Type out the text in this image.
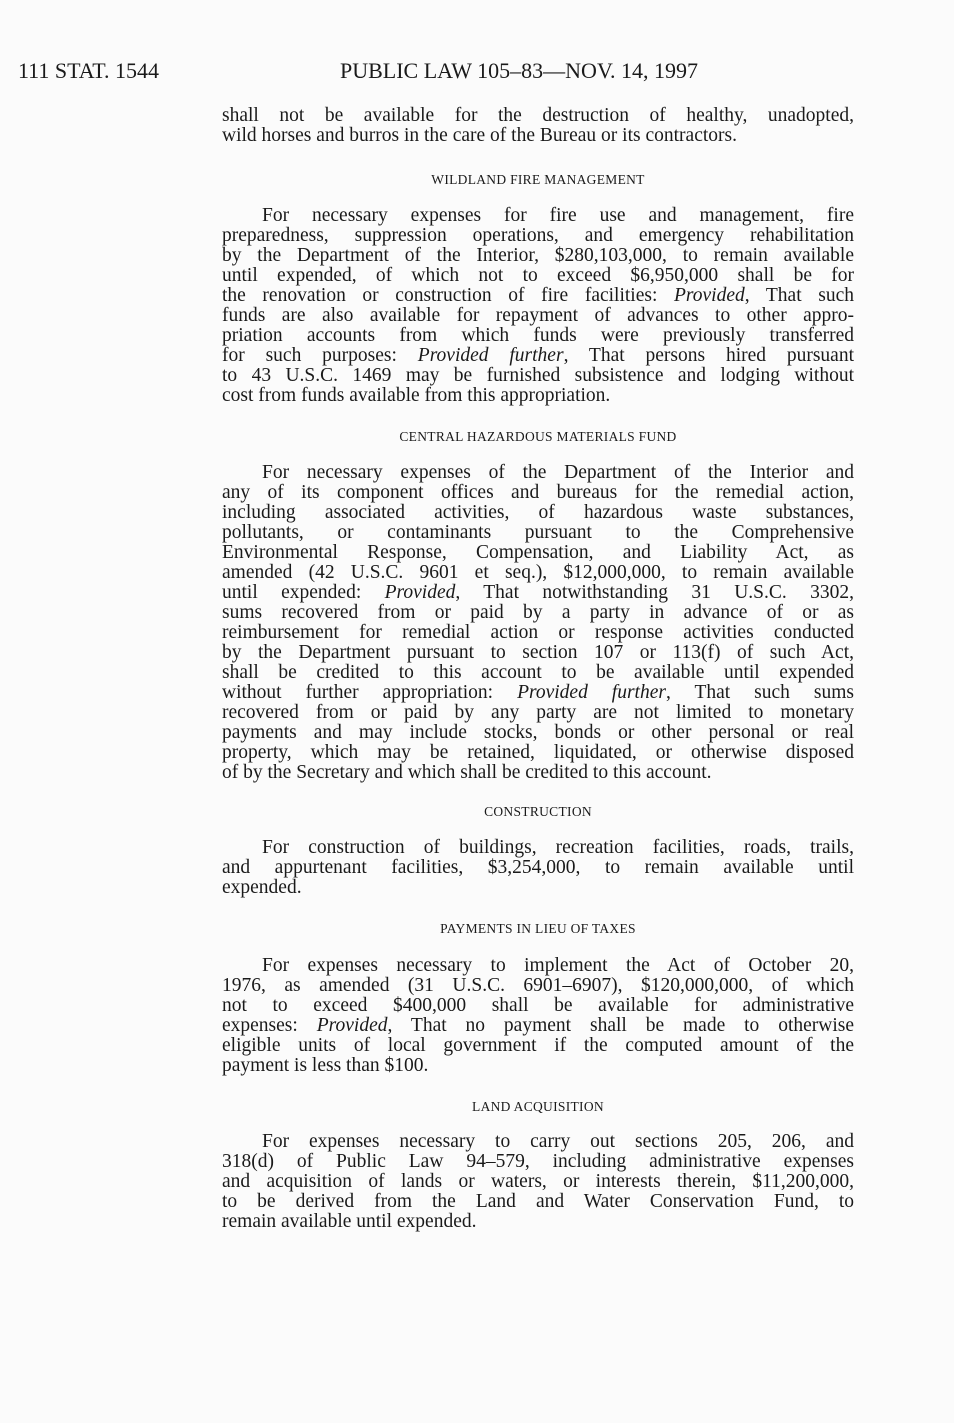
111 STAT. 1544	PUBLIC LAW 105–83—NOV. 14, 1997
shall not be available for the destruction of healthy, unadopted,
wild horses and burros in the care of the Bureau or its contractors.
WILDLAND FIRE MANAGEMENT
For necessary expenses for fire use and management, fire
preparedness, suppression operations, and emergency rehabilitation
by the Department of the Interior, $280,103,000, to remain available
until expended, of which not to exceed $6,950,000 shall be for
the renovation or construction of fire facilities: Provided, That such
funds are also available for repayment of advances to other appro-
priation accounts from which funds were previously transferred
for such purposes: Provided further, That persons hired pursuant
to 43 U.S.C. 1469 may be furnished subsistence and lodging without
cost from funds available from this appropriation.
CENTRAL HAZARDOUS MATERIALS FUND
For necessary expenses of the Department of the Interior and
any of its component offices and bureaus for the remedial action,
including associated activities, of hazardous waste substances,
pollutants, or contaminants pursuant to the Comprehensive
Environmental Response, Compensation, and Liability Act, as
amended (42 U.S.C. 9601 et seq.), $12,000,000, to remain available
until expended: Provided, That notwithstanding 31 U.S.C. 3302,
sums recovered from or paid by a party in advance of or as
reimbursement for remedial action or response activities conducted
by the Department pursuant to section 107 or 113(f) of such Act,
shall be credited to this account to be available until expended
without further appropriation: Provided further, That such sums
recovered from or paid by any party are not limited to monetary
payments and may include stocks, bonds or other personal or real
property, which may be retained, liquidated, or otherwise disposed
of by the Secretary and which shall be credited to this account.
CONSTRUCTION
For construction of buildings, recreation facilities, roads, trails,
and appurtenant facilities, $3,254,000, to remain available until
expended.
PAYMENTS IN LIEU OF TAXES
For expenses necessary to implement the Act of October 20,
1976, as amended (31 U.S.C. 6901–6907), $120,000,000, of which
not to exceed $400,000 shall be available for administrative
expenses: Provided, That no payment shall be made to otherwise
eligible units of local government if the computed amount of the
payment is less than $100.
LAND ACQUISITION
For expenses necessary to carry out sections 205, 206, and
318(d) of Public Law 94–579, including administrative expenses
and acquisition of lands or waters, or interests therein, $11,200,000,
to be derived from the Land and Water Conservation Fund, to
remain available until expended.
